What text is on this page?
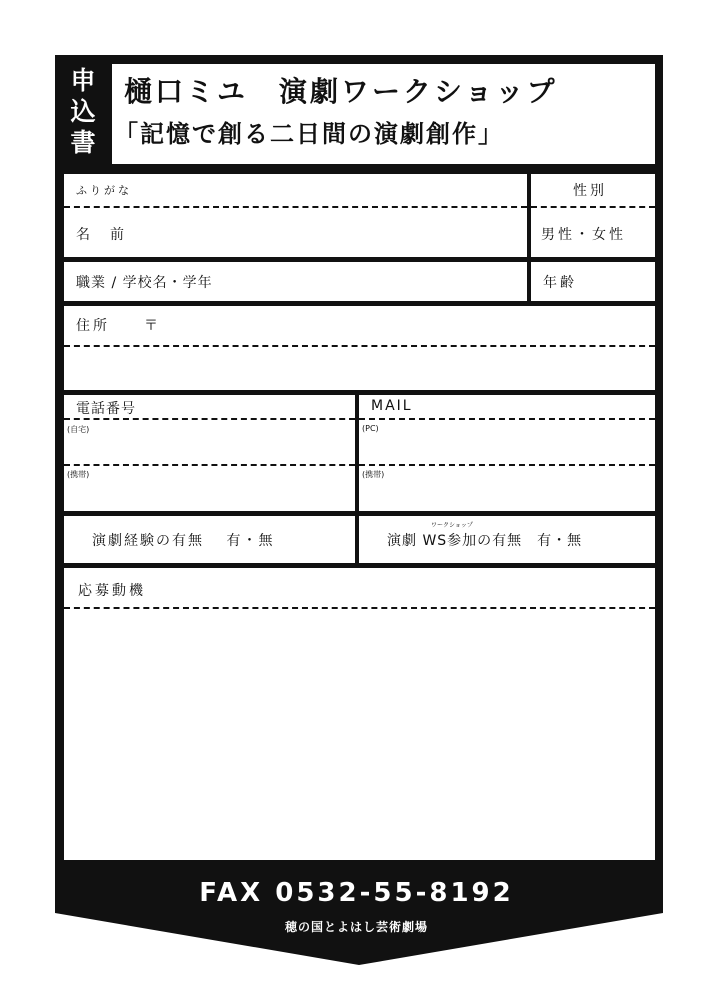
申込書
樋口ミユ　演劇ワークショップ
「記憶で創る二日間の演劇創作」
ふりがな
名　前
性別
男性・女性
職業 / 学校名・学年	年齢
住所　　〒
電話番号
(自宅)
(携帯)
MAIL
(PC)
(携帯)
演劇経験の有無　 有・無
ワークショップ
演劇 WS参加の有無　有・無
応募動機
FAX 0532-55-8192
穂の国とよはし芸術劇場
